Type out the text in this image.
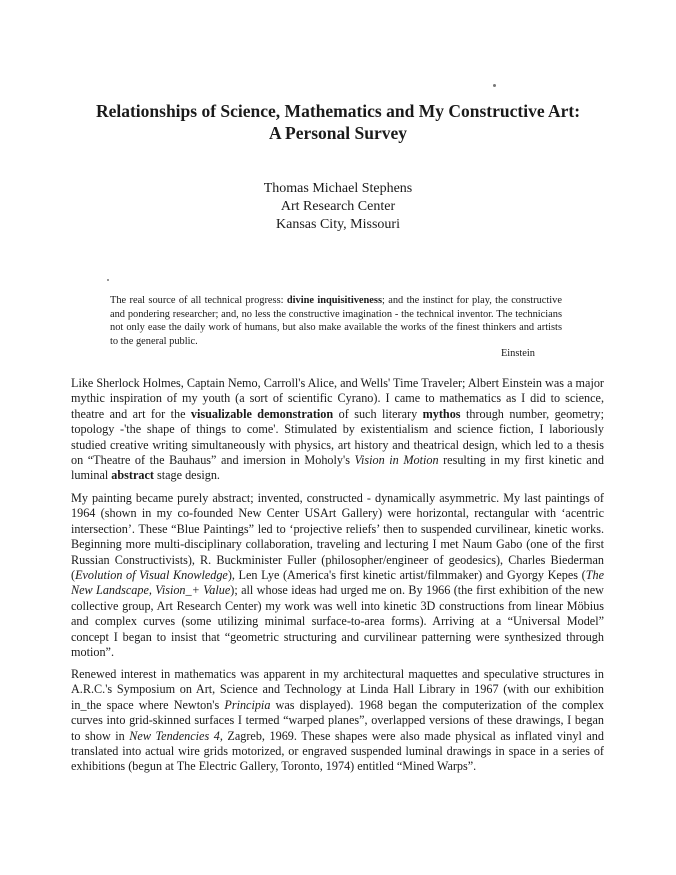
Relationships of Science, Mathematics and My Constructive Art:
A Personal Survey
Thomas Michael Stephens
Art Research Center
Kansas City, Missouri

The real source of all technical progress: divine inquisitiveness; and the instinct for play, the constructive and pondering researcher; and, no less the constructive imagination - the technical inventor. The technicians not only ease the daily work of humans, but also make available the works of the finest thinkers and artists to the general public.

Einstein

Like Sherlock Holmes, Captain Nemo, Carroll's Alice, and Wells' Time Traveler; Albert Einstein was a major mythic inspiration of my youth (a sort of scientific Cyrano). I came to mathematics as I did to science, theatre and art for the visualizable demonstration of such literary mythos through number, geometry; topology -'the shape of things to come'. Stimulated by existentialism and science fiction, I laboriously studied creative writing simultaneously with physics, art history and theatrical design, which led to a thesis on “Theatre of the Bauhaus” and imersion in Moholy's Vision in Motion resulting in my first kinetic and luminal abstract stage design.

My painting became purely abstract; invented, constructed - dynamically asymmetric. My last paintings of 1964 (shown in my co-founded New Center USArt Gallery) were horizontal, rectangular with ‘acentric intersection’. These “Blue Paintings” led to ‘projective reliefs’ then to suspended curvilinear, kinetic works. Beginning more multi-disciplinary collaboration, traveling and lecturing I met Naum Gabo (one of the first Russian Constructivists), R. Buckminister Fuller (philosopher/engineer of geodesics), Charles Biederman (Evolution of Visual Knowledge), Len Lye (America's first kinetic artist/filmmaker) and Gyorgy Kepes (The New Landscape, Vision_+ Value); all whose ideas had urged me on. By 1966 (the first exhibition of the new collective group, Art Research Center) my work was well into kinetic 3D constructions from linear Möbius and complex curves (some utilizing minimal surface-to-area forms). Arriving at a “Universal Model” concept I began to insist that “geometric structuring and curvilinear patterning were synthesized through motion”.

Renewed interest in mathematics was apparent in my architectural maquettes and speculative structures in A.R.C.'s Symposium on Art, Science and Technology at Linda Hall Library in 1967 (with our exhibition in_the space where Newton's Principia was displayed). 1968 began the computerization of the complex curves into grid-skinned surfaces I termed “warped planes”, overlapped versions of these drawings, I began to show in New Tendencies 4, Zagreb, 1969. These shapes were also made physical as inflated vinyl and translated into actual wire grids motorized, or engraved suspended luminal drawings in space in a series of exhibitions (begun at The Electric Gallery, Toronto, 1974) entitled “Mined Warps”.
